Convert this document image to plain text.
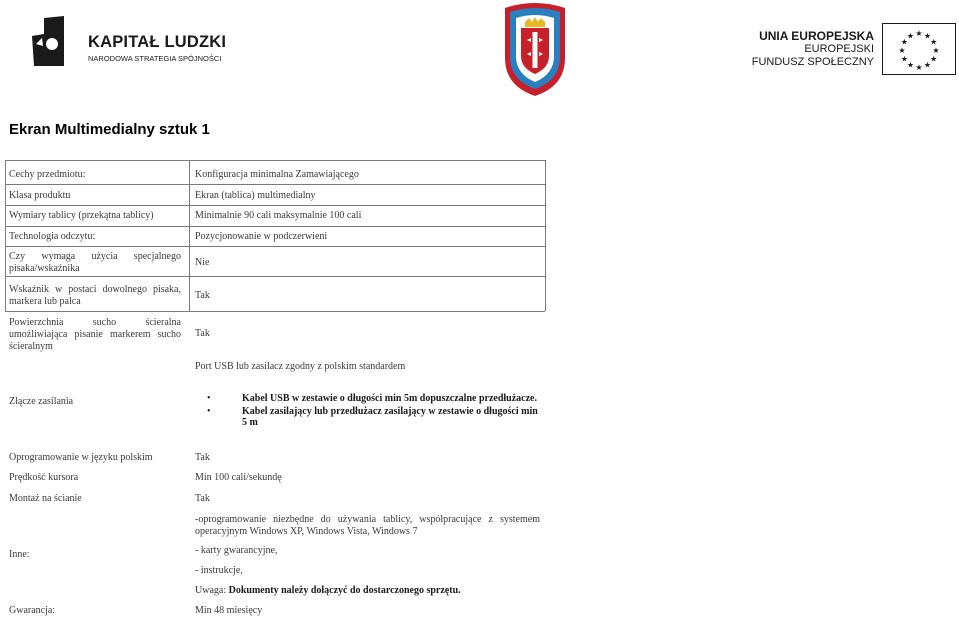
KAPITAŁ LUDZKI
NARODOWA STRATEGIA SPÓJNOŚCI
UNIA EUROPEJSKA
EUROPEJSKI
FUNDUSZ SPOŁECZNY
★ ★
★
★
★
★
★
★
★
★
★
★
Ekran Multimedialny sztuk 1
Cechy przedmiotu:	Konfiguracja minimalna Zamawiającego
Klasa produktu	Ekran (tablica) multimedialny
Wymiary tablicy (przekątna tablicy)	Minimalnie 90 cali maksymalnie 100 cali
Technologia odczytu:	Pozycjonowanie w podczerwieni
Czy wymaga użycia specjalnego pisaka/wskaźnika
Nie
Wskaźnik w postaci dowolnego pisaka, markera lub palca
Tak
Powierzchnia sucho ścieralna umożliwiająca pisanie markerem sucho ścieralnym
Tak
Port USB lub zasilacz zgodny z polskim standardem
Złącze zasilania
•	Kabel USB w zestawie o długości min 5m dopuszczalne przedłużacze.
• Kabel zasilający lub przedłużacz zasilający w zestawie o długości min 5 m
Oprogramowanie w języku polskim	Tak
Prędkość kursora	Min 100 cali/sekundę
Montaż na ścianie	Tak
Inne:
-oprogramowanie niezbędne do używania tablicy, współpracujące z systemem operacyjnym Windows XP, Windows Vista, Windows 7
- karty gwarancyjne,
- instrukcje,
Uwaga: Dokumenty należy dołączyć do dostarczonego sprzętu.
Gwarancja:	Min 48 miesięcy
